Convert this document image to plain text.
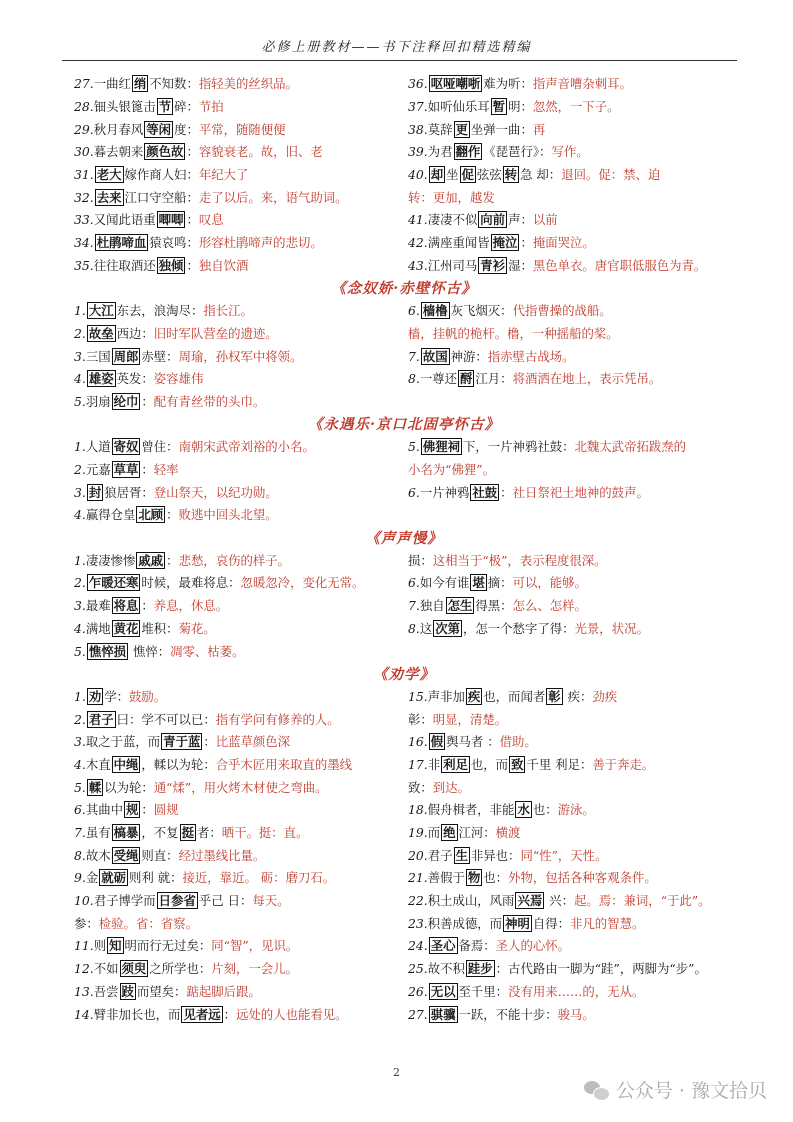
必修上册教材——书下注释回扣精选精编
27.一曲红 绡 不知数：指轻美的丝织品。	36. 呕哑嘲哳 难为听：指声音嘈杂刺耳。
28.钿头银篦击 节 碎：节拍	37.如听仙乐耳 暂 明：忽然，一下子。
29.秋月春风 等闲 度：平常，随随便便	38.莫辞 更 坐弹一曲：再
30.暮去朝来 颜色故 ：容貌衰老。故，旧、老	39.为君 翻作 《琵琶行》：写作。
31. 老大 嫁作商人妇：年纪大了	40. 却 坐 促 弦弦 转 急 却：退回。促：禁、迫
32. 去来 江口守空船：走了以后。来，语气助词。	转：更加，越发
33.又闻此语重 唧唧 ：叹息	41.凄凄不似 向前 声：以前
34. 杜鹃啼血 猿哀鸣：形容杜鹃啼声的悲切。	42.满座重闻皆 掩泣 ：掩面哭泣。
35.往往取酒还 独倾 ：独自饮酒	43.江州司马 青衫 湿：黑色单衣。唐官职低服色为青。
《念奴娇·赤壁怀古》
1. 大江 东去，浪淘尽：指长江。	6. 樯橹 灰飞烟灭：代指曹操的战船。
2. 故垒 西边：旧时军队营垒的遗迹。	樯，挂帆的桅杆。橹，一种摇船的桨。
3.三国 周郎 赤壁：周瑜，孙权军中将领。	7. 故国 神游：指赤壁古战场。
4. 雄姿 英发：姿容雄伟	8.一尊还 酹 江月：将酒洒在地上，表示凭吊。
5.羽扇 纶巾 ：配有青丝带的头巾。
《永遇乐·京口北固亭怀古》
1.人道 寄奴 曾住：南朝宋武帝刘裕的小名。	5. 佛狸祠 下，一片神鸦社鼓：北魏太武帝拓跋焘的
2.元嘉 草草 ：轻率	小名为“佛狸”。
3. 封 狼居胥：登山祭天，以纪功勋。	6.一片神鸦 社鼓 ：社日祭祀土地神的鼓声。
4.赢得仓皇 北顾 ：败逃中回头北望。
《声声慢》
1.凄凄惨惨 戚戚 ：悲愁，哀伤的样子。	损：这相当于“极”，表示程度很深。
2. 乍暖还寒 时候，最难将息：忽暖忽冷，变化无常。	6.如今有谁 堪 摘：可以，能够。
3.最难 将息 ：养息，休息。	7.独自 怎生 得黑：怎么、怎样。
4.满地 黄花 堆积：菊花。	8.这 次第 ，怎一个愁字了得：光景，状况。
5. 憔悴损 憔悴：凋零、枯萎。
《劝学》
1. 劝 学：鼓励。	15.声非加 疾 也，而闻者 彰 疾：劲疾
2. 君子 曰：学不可以已：指有学问有修养的人。	彰：明显，清楚。
3.取之于蓝，而 青于蓝 ：比蓝草颜色深	16. 假 舆马者 ：借助。
4.木直 中绳 ，輮以为轮：合乎木匠用来取直的墨线	17.非 利足 也，而 致 千里 利足：善于奔走。
5. 輮 以为轮：通“煣”，用火烤木材使之弯曲。	致：到达。
6.其曲中 规 ：圆规	18.假舟楫者，非能 水 也：游泳。
7.虽有 槁暴 ，不复 挺 者：晒干。挺：直。	19.而 绝 江河：横渡
8.故木 受绳 则直：经过墨线比量。	20.君子 生 非异也：同“性”，天性。
9.金 就砺 则利 就：接近，靠近。 砺：磨刀石。	21.善假于 物 也：外物，包括各种客观条件。
10.君子博学而 日参省 乎己 日：每天。	22.积土成山，风雨 兴焉 兴：起。焉：兼词，“于此”。
参：检验。省：省察。	23.积善成德，而 神明 自得：非凡的智慧。
11.则 知 明而行无过矣：同“智”，见识。	24. 圣心 备焉：圣人的心怀。
12.不如 须臾 之所学也：片刻，一会儿。	25.故不积 跬步 ：古代路由一脚为“跬”，两脚为“步”。
13.吾尝 跂 而望矣：踮起脚后跟。	26. 无以 至千里：没有用来……的，无从。
14.臂非加长也，而 见者远 ：远处的人也能看见。	27. 骐骥 一跃，不能十步：骏马。
2
公众号 · 豫文拾贝
